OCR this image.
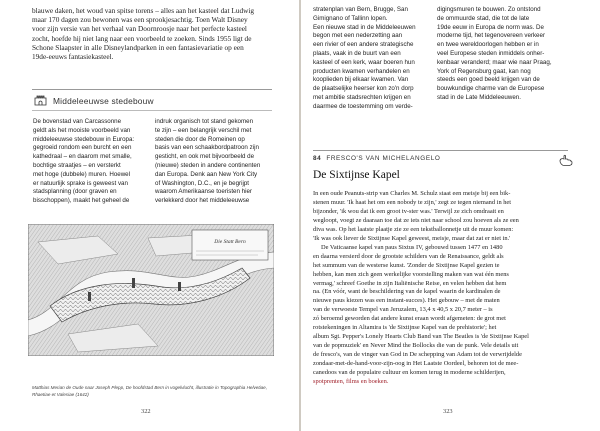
blauwe daken, het woud van spitse torens – alles aan het kasteel dat Ludwig

maar 170 dagen zou bewonen was een sprookjesachtig. Toen Walt Disney

voor zijn versie van het verhaal van Doornroosje naar het perfecte kasteel

zocht, hoefde hij niet lang naar een voorbeeld te zoeken. Sinds 1955 ligt de

Schone Slaapster in alle Disneylandparken in een fantasievariatie op een

19de-eeuws fantasiekasteel.

Middeleeuwse stedebouw

De bovenstad van Carcassonne

geldt als het mooiste voorbeeld van

middeleeuwse stedebouw in Europa:

gegroeid rondom een burcht en een

kathedraal – en daarom met smalle,

bochtige straatjes – en versterkt

met hoge (dubbele) muren. Hoewel

er natuurlijk sprake is geweest van

stadsplanning (door graven en

bisschoppen), maakt het geheel de

indruk organisch tot stand gekomen

te zijn – een belangrijk verschil met

steden die door de Romeinen op

basis van een schaakbordpatroon zijn

gesticht, en ook met bijvoorbeeld de

(nieuwe) steden in andere continenten

dan Europa. Denk aan New York City

of Washington, D.C., en je begrijpt

waarom Amerikaanse toeristen hier

verlekkerd door het middeleeuwse

Die Statt Bern
Matthias Merian de Oude naar Joseph Plepp, De hoofdstad Bern in vogelvlucht, illustratie in Topographia Helvetiae, Rhaetiae et Valesiae (1642)
322

stratenplan van Bern, Brugge, San

Gimignano of Tallinn lopen.

Een nieuwe stad in de Middeleeuwen

begon met een nederzetting aan

een rivier of een andere strategische

plaats, vaak in de buurt van een

kasteel of een kerk, waar boeren hun

producten kwamen verhandelen en

kooplieden bij elkaar kwamen. Van

de plaatselijke heerser kon zo'n dorp

met ambitie stadsrechten krijgen en

daarmee de toestemming om verde-

digingsmuren te bouwen. Zo ontstond

de ommuurde stad, die tot de late

19de eeuw in Europa de norm was. De

moderne tijd, het tegenovereen verkeer

en twee wereldoorlogen hebben er in

veel Europese steden inmiddels onher-

kenbaar veranderd; maar wie naar Praag,

York of Regensburg gaat, kan nog

steeds een goed beeld krijgen van de

bouwkundige charme van de Europese

stad in de Late Middeleeuwen.

84 FRESCO'S VAN MICHELANGELO
De Sixtijnse Kapel

In een oude Peanuts-strip van Charles M. Schulz staat een meisje bij een bik-

stenen muur. 'Ik haat het om een nobody te zijn,' zegt ze tegen niemand in het

bijzonder, 'ik wou dat ik een groot tv-ster was.' Terwijl ze zich omdraait en

wegloopt, voegt ze daaraan toe dat ze iets niet naar school zou hoeven als ze een

diva was. Op het laatste plaatje zie ze een tekstballonnetje uit de muur komen:

'Ik was ook liever de Sixtijnse Kapel geweest, meisje, maar dat zat er niet in.'

De Vaticaanse kapel van paus Sixtus IV, gebouwd tussen 1477 en 1480

en daarna versierd door de grootste schilders van de Renaissance, geldt als

het summum van de westerse kunst. 'Zonder de Sixtijnse Kapel gezien te

hebben, kan men zich geen werkelijke voorstelling maken van wat één mens

vermag,' schreef Goethe in zijn Italiënische Reise, en velen hebben dat hem

na. (En vóór, want de beschildering van de kapel waarin de kardinalen de

nieuwe paus kiezen was een instant-succes). Het gebouw – met de maten

van de verwoeste Tempel van Jeruzalem, 13,4 x 40,5 x 20,7 meter – is

zó beroemd geworden dat andere kunst eraan wordt afgemeten: de grot met

rotstekeningen in Altamira is 'de Sixtijnse Kapel van de prehistorie'; het

album Sgt. Pepper's Lonely Hearts Club Band van The Beatles is 'de Sixtijnse Kapel

van de popmuziek' en Never Mind the Bollocks die van de punk. Vele details uit

de fresco's, van de vinger van God in De schepping van Adam tot de verwrijdelde

zondaar-met-de-hand-voor-zijn-oog in Het Laatste Oordeel, behoren tot de mee-

canedoos van de populaire cultuur en komen terug in moderne schilderijen,

spotprenten, films en boeken.

323
